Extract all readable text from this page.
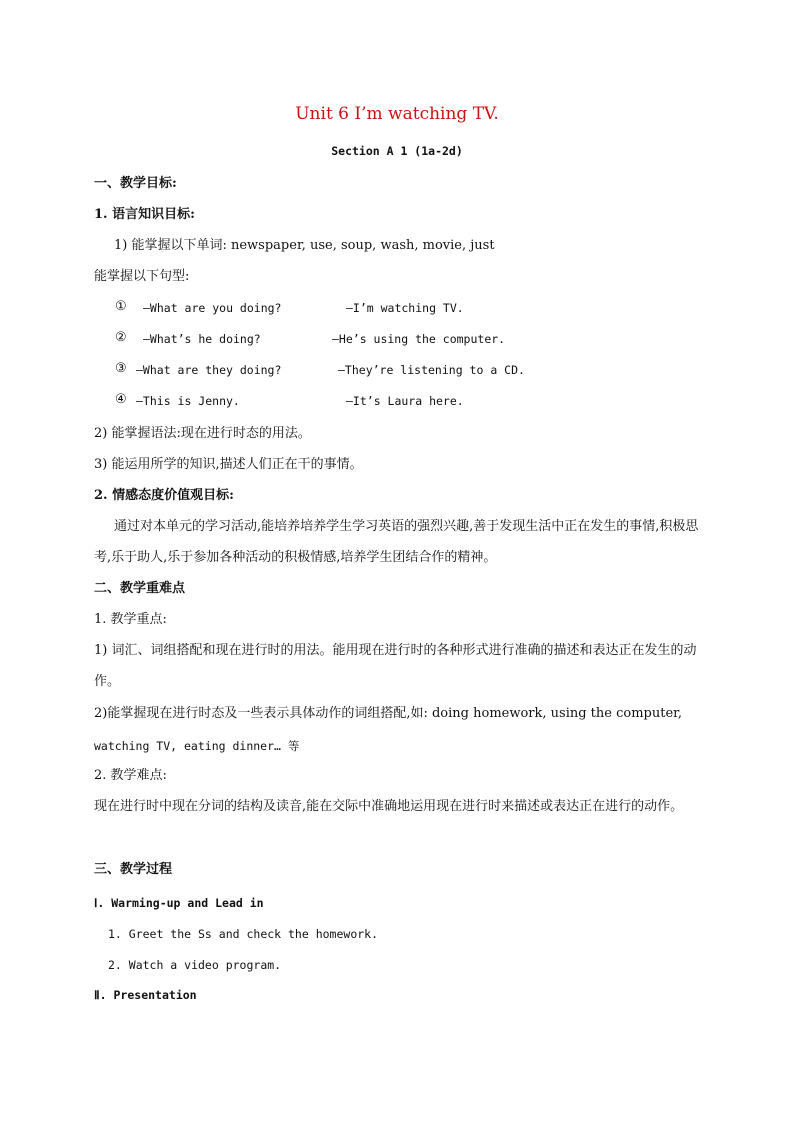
Unit 6 I’m watching TV.
Section A 1 (1a-2d)
一、教学目标:
1. 语言知识目标:
1) 能掌握以下单词: newspaper, use, soup, wash, movie, just
能掌握以下句型:
① —What are you doing?	—I’m watching TV.
② —What’s he doing?	—He’s using the computer.
③ —What are they doing?	—They’re listening to a CD.
④ —This is Jenny.	—It’s Laura here.
2) 能掌握语法:现在进行时态的用法。
3) 能运用所学的知识,描述人们正在干的事情。
2. 情感态度价值观目标:
通过对本单元的学习活动,能培养培养学生学习英语的强烈兴趣,善于发现生活中正在发生的事情,积极思考,乐于助人,乐于参加各种活动的积极情感,培养学生团结合作的精神。
二、教学重难点
1. 教学重点:
1) 词汇、词组搭配和现在进行时的用法。能用现在进行时的各种形式进行准确的描述和表达正在发生的动作。
2)能掌握现在进行时态及一些表示具体动作的词组搭配,如: doing homework, using the computer,
watching TV, eating dinner… 等
2. 教学难点:
现在进行时中现在分词的结构及读音,能在交际中准确地运用现在进行时来描述或表达正在进行的动作。
三、教学过程
Ⅰ. Warming-up and Lead in
1. Greet the Ss and check the homework.
2. Watch a video program.
Ⅱ. Presentation
